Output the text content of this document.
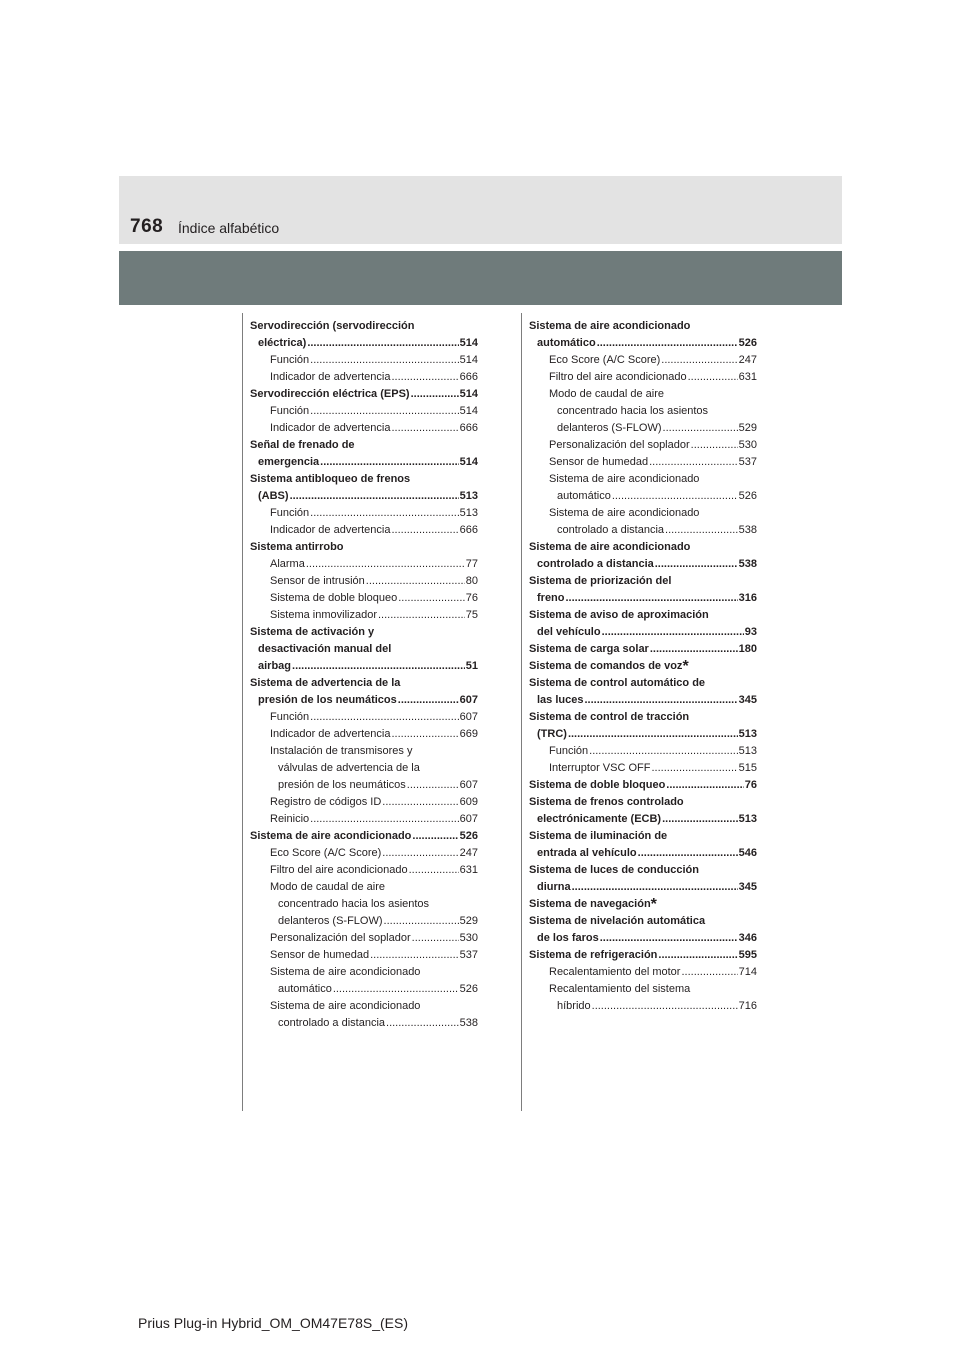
768 Índice alfabético
Servodirección (servodirección
eléctrica) .....	514
Función .....	514
Indicador de advertencia .....	666
Servodirección eléctrica (EPS) .....	514
Función .....	514
Indicador de advertencia .....	666
Señal de frenado de
emergencia .....	514
Sistema antibloqueo de frenos
(ABS) .....	513
Función .....	513
Indicador de advertencia .....	666
Sistema antirrobo
Alarma .....	77
Sensor de intrusión .....	80
Sistema de doble bloqueo .....	76
Sistema inmovilizador .....	75
Sistema de activación y
desactivación manual del
airbag .....	51
Sistema de advertencia de la
presión de los neumáticos .....	607
Función .....	607
Indicador de advertencia .....	669
Instalación de transmisores y
válvulas de advertencia de la
presión de los neumáticos .....	607
Registro de códigos ID .....	609
Reinicio .....	607
Sistema de aire acondicionado .....	526
Eco Score (A/C Score) .....	247
Filtro del aire acondicionado .....	631
Modo de caudal de aire
concentrado hacia los asientos
delanteros (S-FLOW) .....	529
Personalización del soplador .....	530
Sensor de humedad .....	537
Sistema de aire acondicionado
automático .....	526
Sistema de aire acondicionado
controlado a distancia .....	538
Sistema de aire acondicionado
automático .....	526
Eco Score (A/C Score) .....	247
Filtro del aire acondicionado .....	631
Modo de caudal de aire
concentrado hacia los asientos
delanteros (S-FLOW) .....	529
Personalización del soplador .....	530
Sensor de humedad .....	537
Sistema de aire acondicionado
automático .....	526
Sistema de aire acondicionado
controlado a distancia .....	538
Sistema de aire acondicionado
controlado a distancia .....	538
Sistema de priorización del
freno .....	316
Sistema de aviso de aproximación
del vehículo .....	93
Sistema de carga solar .....	180
Sistema de comandos de voz*
Sistema de control automático de
las luces .....	345
Sistema de control de tracción
(TRC) .....	513
Función .....	513
Interruptor VSC OFF .....	515
Sistema de doble bloqueo .....	76
Sistema de frenos controlado
electrónicamente (ECB) .....	513
Sistema de iluminación de
entrada al vehículo .....	546
Sistema de luces de conducción
diurna .....	345
Sistema de navegación*
Sistema de nivelación automática
de los faros .....	346
Sistema de refrigeración .....	595
Recalentamiento del motor .....	714
Recalentamiento del sistema
híbrido .....	716
Prius Plug-in Hybrid_OM_OM47E78S_(ES)
